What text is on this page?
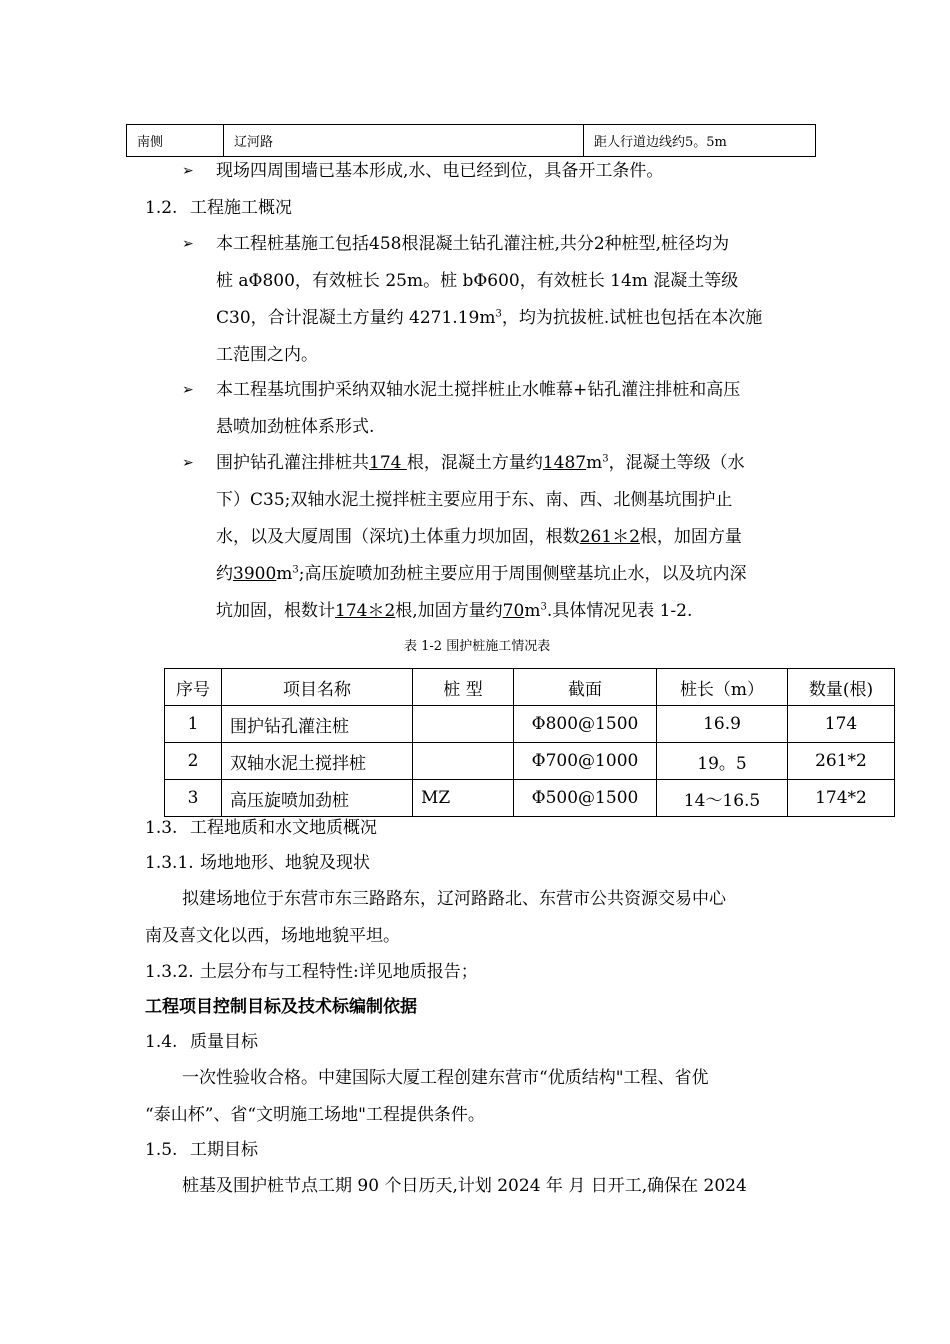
南侧	辽河路	距人行道边线约5。5m
➢ 现场四周围墙已基本形成,水、电已经到位，具备开工条件。
1.2. 工程施工概况
➢ 本工程桩基施工包括458根混凝土钻孔灌注桩,共分2种桩型,桩径均为
桩 aΦ800，有效桩长 25m。桩 bΦ600，有效桩长 14m 混凝土等级
C30，合计混凝土方量约 $4271.19m^3$，均为抗拔桩.试桩也包括在本次施
工范围之内。
➢ 本工程基坑围护采纳双轴水泥土搅拌桩止水帷幕+钻孔灌注排桩和高压
悬喷加劲桩体系形式.
➢ 围护钻孔灌注排桩共174 根，混凝土方量约$1487m^3$，混凝土等级（水
下）C35;双轴水泥土搅拌桩主要应用于东、南、西、北侧基坑围护止
水，以及大厦周围（深坑)土体重力坝加固，根数261＊2根，加固方量
约$3900m^3$;高压旋喷加劲桩主要应用于周围侧壁基坑止水，以及坑内深
坑加固，根数计174＊2根,加固方量约$70m^3$.具体情况见表 1-2.
表 1-2 围护桩施工情况表
序号	项目名称	桩 型	截面	桩长（m）	数量(根)
1	围护钻孔灌注桩		Φ800@1500	16.9	174
2	双轴水泥土搅拌桩		Φ700@1000	19。5	261*2
3	高压旋喷加劲桩	MZ	Φ500@1500	14～16.5	174*2
1.3. 工程地质和水文地质概况
1.3.1. 场地地形、地貌及现状
拟建场地位于东营市东三路路东，辽河路路北、东营市公共资源交易中心
南及喜文化以西，场地地貌平坦。
1.3.2. 土层分布与工程特性:详见地质报告；
工程项目控制目标及技术标编制依据
1.4. 质量目标
一次性验收合格。中建国际大厦工程创建东营市“优质结构"工程、省优
“泰山杯”、省“文明施工场地"工程提供条件。
1.5. 工期目标
桩基及围护桩节点工期 90 个日历天,计划 2024 年 月 日开工,确保在 2024
